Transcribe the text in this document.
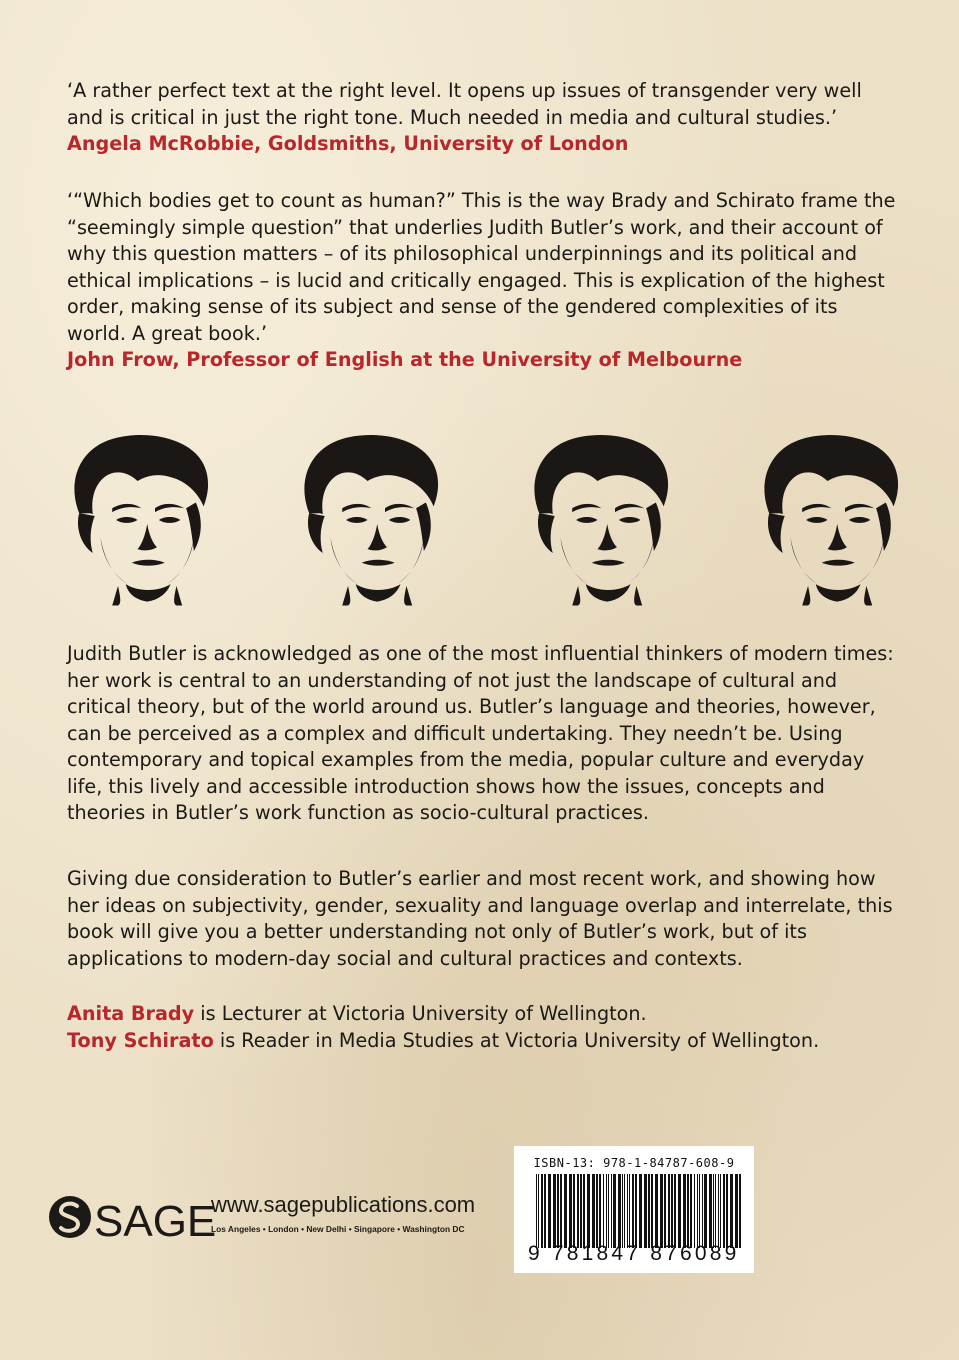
‘A rather perfect text at the right level. It opens up issues of transgender very well and is critical in just the right tone. Much needed in media and cultural studies.’
Angela McRobbie, Goldsmiths, University of London
‘“Which bodies get to count as human?” This is the way Brady and Schirato frame the “seemingly simple question” that underlies Judith Butler’s work, and their account of why this question matters – of its philosophical underpinnings and its political and ethical implications – is lucid and critically engaged. This is explication of the highest order, making sense of its subject and sense of the gendered complexities of its world. A great book.’
John Frow, Professor of English at the University of Melbourne
Judith Butler is acknowledged as one of the most influential thinkers of modern times: her work is central to an understanding of not just the landscape of cultural and critical theory, but of the world around us. Butler’s language and theories, however, can be perceived as a complex and difficult undertaking. They needn’t be. Using contemporary and topical examples from the media, popular culture and everyday life, this lively and accessible introduction shows how the issues, concepts and theories in Butler’s work function as socio-cultural practices.
Giving due consideration to Butler’s earlier and most recent work, and showing how her ideas on subjectivity, gender, sexuality and language overlap and interrelate, this book will give you a better understanding not only of Butler’s work, but of its applications to modern-day social and cultural practices and contexts.
Anita Brady is Lecturer at Victoria University of Wellington.
Tony Schirato is Reader in Media Studies at Victoria University of Wellington.
SAGE
www.sagepublications.com
Los Angeles • London • New Delhi • Singapore • Washington DC
ISBN-13: 978-1-84787-608-9
9 781847 876089
